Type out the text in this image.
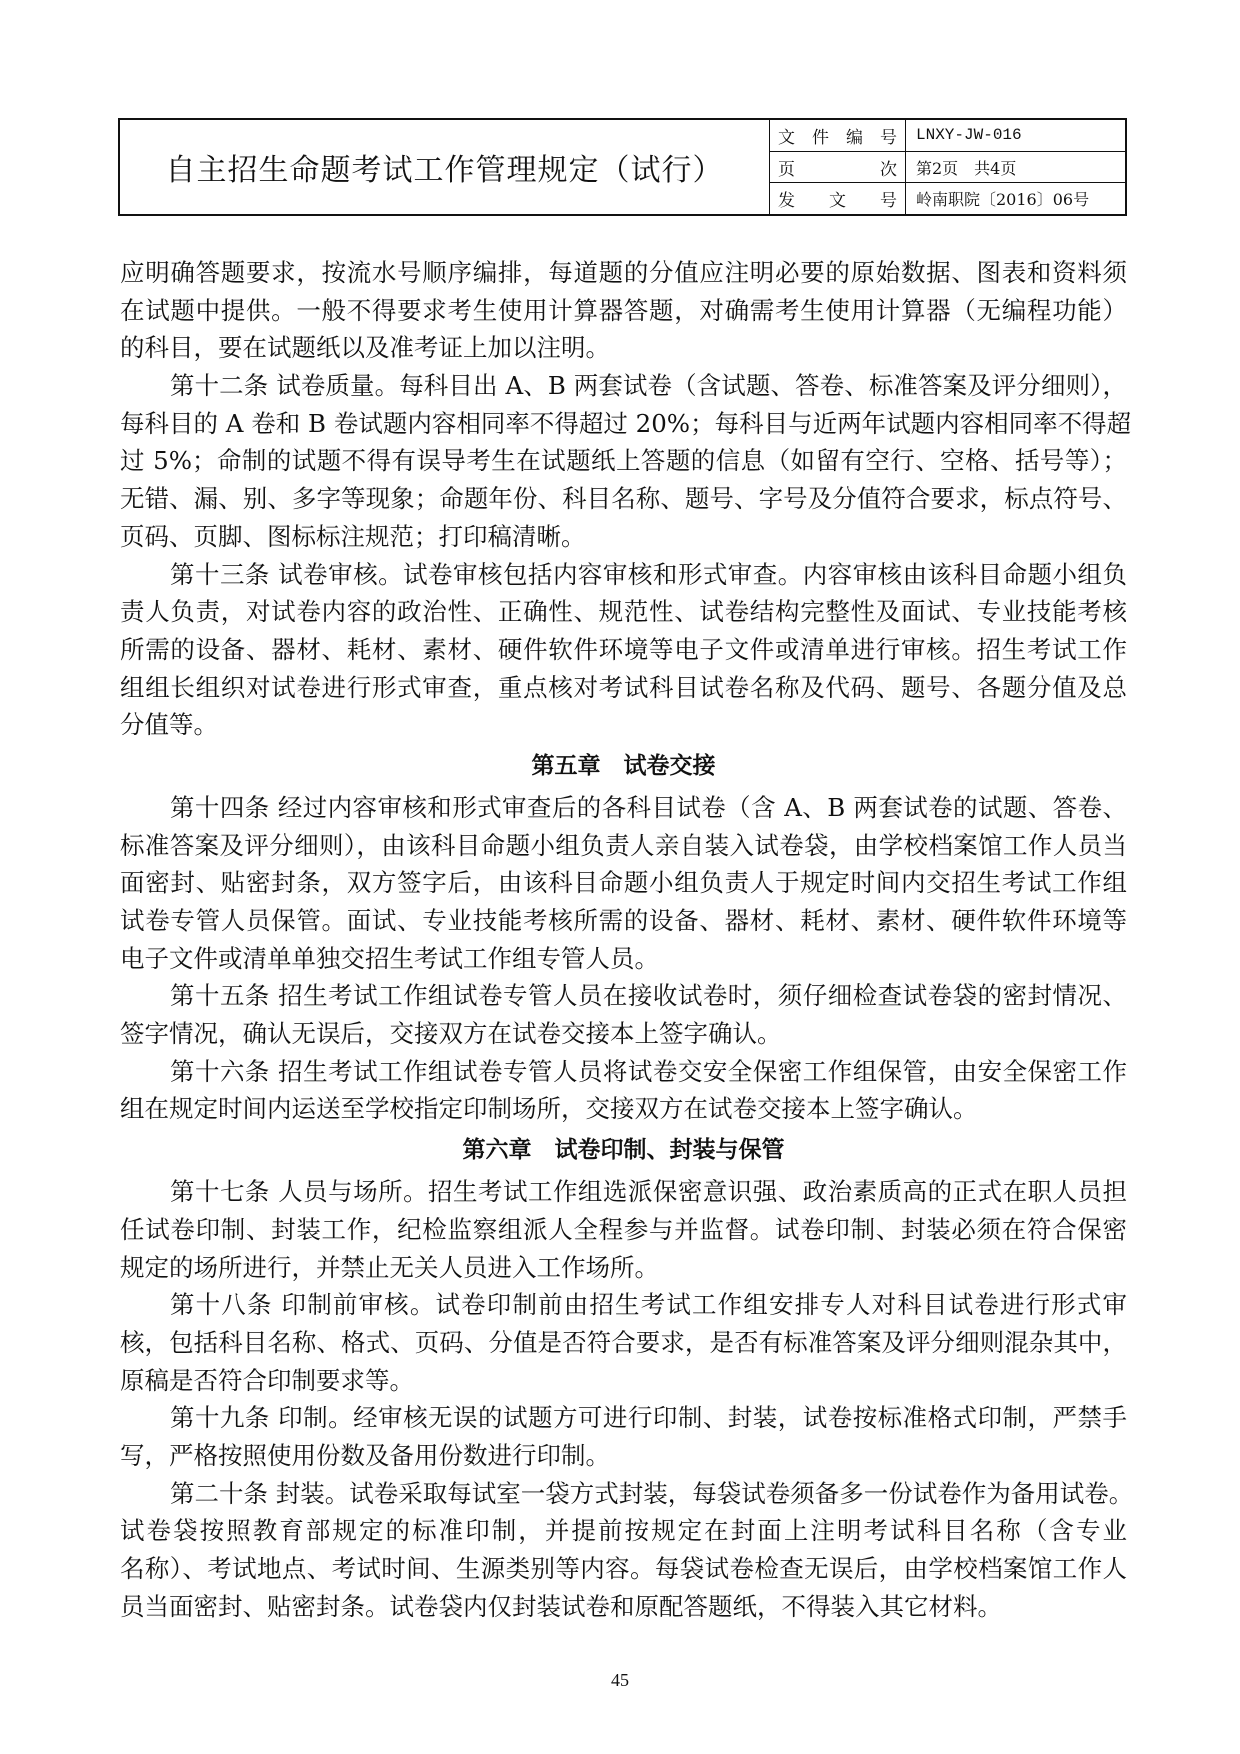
自主招生命题考试工作管理规定（试行）
文 件 编 号	LNXY-JW-016
页	次	第2页　共4页
发 文 号	岭南职院〔2016〕06号
应明确答题要求，按流水号顺序编排，每道题的分值应注明必要的原始数据、图表和资料须
在试题中提供。一般不得要求考生使用计算器答题，对确需考生使用计算器（无编程功能）
的科目，要在试题纸以及准考证上加以注明。
第十二条 试卷质量。每科目出 A、B 两套试卷（含试题、答卷、标准答案及评分细则），
每科目的 A 卷和 B 卷试题内容相同率不得超过 20%；每科目与近两年试题内容相同率不得超
过 5%；命制的试题不得有误导考生在试题纸上答题的信息（如留有空行、空格、括号等）；
无错、漏、别、多字等现象；命题年份、科目名称、题号、字号及分值符合要求，标点符号、
页码、页脚、图标标注规范；打印稿清晰。
第十三条 试卷审核。试卷审核包括内容审核和形式审查。内容审核由该科目命题小组负
责人负责，对试卷内容的政治性、正确性、规范性、试卷结构完整性及面试、专业技能考核
所需的设备、器材、耗材、素材、硬件软件环境等电子文件或清单进行审核。招生考试工作
组组长组织对试卷进行形式审查，重点核对考试科目试卷名称及代码、题号、各题分值及总
分值等。
第五章　试卷交接
第十四条 经过内容审核和形式审查后的各科目试卷（含 A、B 两套试卷的试题、答卷、
标准答案及评分细则），由该科目命题小组负责人亲自装入试卷袋，由学校档案馆工作人员当
面密封、贴密封条，双方签字后，由该科目命题小组负责人于规定时间内交招生考试工作组
试卷专管人员保管。面试、专业技能考核所需的设备、器材、耗材、素材、硬件软件环境等
电子文件或清单单独交招生考试工作组专管人员。
第十五条 招生考试工作组试卷专管人员在接收试卷时，须仔细检查试卷袋的密封情况、
签字情况，确认无误后，交接双方在试卷交接本上签字确认。
第十六条 招生考试工作组试卷专管人员将试卷交安全保密工作组保管，由安全保密工作
组在规定时间内运送至学校指定印制场所，交接双方在试卷交接本上签字确认。
第六章　试卷印制、封装与保管
第十七条 人员与场所。招生考试工作组选派保密意识强、政治素质高的正式在职人员担
任试卷印制、封装工作，纪检监察组派人全程参与并监督。试卷印制、封装必须在符合保密
规定的场所进行，并禁止无关人员进入工作场所。
第十八条 印制前审核。试卷印制前由招生考试工作组安排专人对科目试卷进行形式审
核，包括科目名称、格式、页码、分值是否符合要求，是否有标准答案及评分细则混杂其中，
原稿是否符合印制要求等。
第十九条 印制。经审核无误的试题方可进行印制、封装，试卷按标准格式印制，严禁手
写，严格按照使用份数及备用份数进行印制。
第二十条 封装。试卷采取每试室一袋方式封装，每袋试卷须备多一份试卷作为备用试卷。
试卷袋按照教育部规定的标准印制，并提前按规定在封面上注明考试科目名称（含专业
名称）、考试地点、考试时间、生源类别等内容。每袋试卷检查无误后，由学校档案馆工作人
员当面密封、贴密封条。试卷袋内仅封装试卷和原配答题纸，不得装入其它材料。
45
